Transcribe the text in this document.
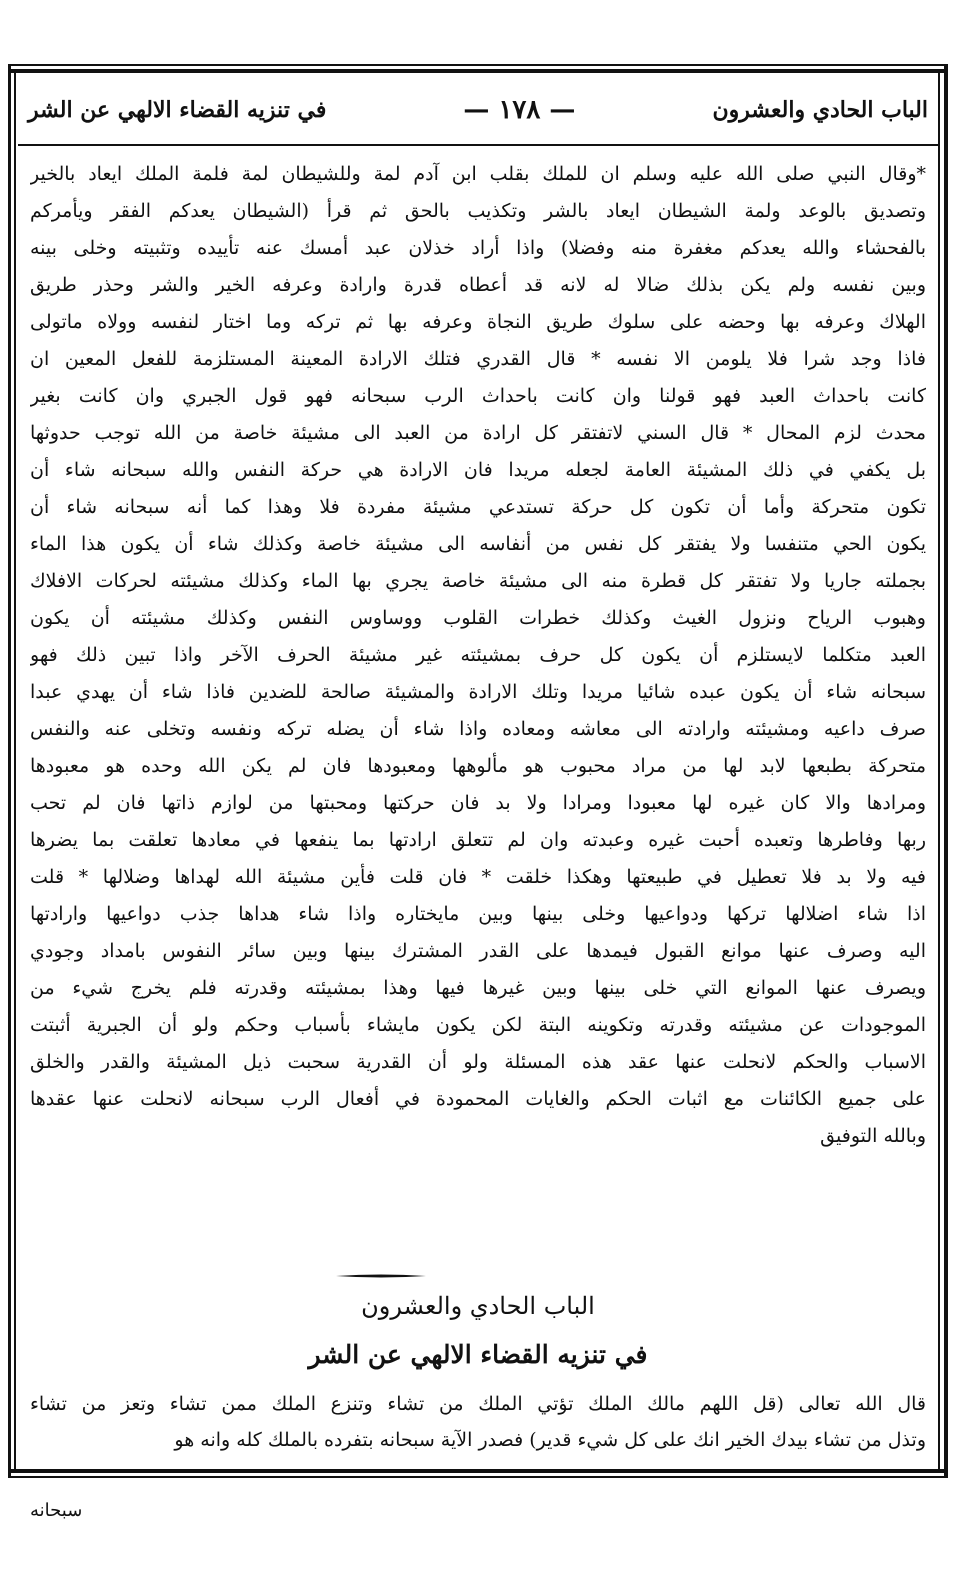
الباب الحادي والعشرون
— ١٧٨ —
في تنزيه القضاء الالهي عن الشر
*وقال النبي صلى الله عليه وسلم ان للملك بقلب ابن آدم لمة وللشيطان لمة فلمة الملك ايعاد بالخير
وتصديق بالوعد ولمة الشيطان ايعاد بالشر وتكذيب بالحق ثم قرأ (الشيطان يعدكم الفقر ويأمركم
بالفحشاء والله يعدكم مغفرة منه وفضلا) واذا أراد خذلان عبد أمسك عنه تأييده وتثبيته وخلى بينه
وبين نفسه ولم يكن بذلك ضالا له لانه قد أعطاه قدرة وارادة وعرفه الخير والشر وحذر طريق
الهلاك وعرفه بها وحضه على سلوك طريق النجاة وعرفه بها ثم تركه وما اختار لنفسه وولاه ماتولى
فاذا وجد شرا فلا يلومن الا نفسه * قال القدري فتلك الارادة المعينة المستلزمة للفعل المعين ان
كانت باحداث العبد فهو قولنا وان كانت باحداث الرب سبحانه فهو قول الجبري وان كانت بغير
محدث لزم المحال * قال السني لاتفتقر كل ارادة من العبد الى مشيئة خاصة من الله توجب حدوثها
بل يكفي في ذلك المشيئة العامة لجعله مريدا فان الارادة هي حركة النفس والله سبحانه شاء أن
تكون متحركة وأما أن تكون كل حركة تستدعي مشيئة مفردة فلا وهذا كما أنه سبحانه شاء أن
يكون الحي متنفسا ولا يفتقر كل نفس من أنفاسه الى مشيئة خاصة وكذلك شاء أن يكون هذا الماء
بجملته جاريا ولا تفتقر كل قطرة منه الى مشيئة خاصة يجري بها الماء وكذلك مشيئته لحركات الافلاك
وهبوب الرياح ونزول الغيث وكذلك خطرات القلوب ووساوس النفس وكذلك مشيئته أن يكون
العبد متكلما لايستلزم أن يكون كل حرف بمشيئته غير مشيئة الحرف الآخر واذا تبين ذلك فهو
سبحانه شاء أن يكون عبده شائيا مريدا وتلك الارادة والمشيئة صالحة للضدين فاذا شاء أن يهدي عبدا
صرف داعيه ومشيئته وارادته الى معاشه ومعاده واذا شاء أن يضله تركه ونفسه وتخلى عنه والنفس
متحركة بطبعها لابد لها من مراد محبوب هو مألوهها ومعبودها فان لم يكن الله وحده هو معبودها
ومرادها والا كان غيره لها معبودا ومرادا ولا بد فان حركتها ومحبتها من لوازم ذاتها فان لم تحب
ربها وفاطرها وتعبده أحبت غيره وعبدته وان لم تتعلق ارادتها بما ينفعها في معادها تعلقت بما يضرها
فيه ولا بد فلا تعطيل في طبيعتها وهكذا خلقت * فان قلت فأين مشيئة الله لهداها وضلالها * قلت
اذا شاء اضلالها تركها ودواعيها وخلى بينها وبين مايختاره واذا شاء هداها جذب دواعيها وارادتها
اليه وصرف عنها موانع القبول فيمدها على القدر المشترك بينها وبين سائر النفوس بامداد وجودي
ويصرف عنها الموانع التي خلى بينها وبين غيرها فيها وهذا بمشيئته وقدرته فلم يخرج شيء من
الموجودات عن مشيئته وقدرته وتكوينه البتة لكن يكون مايشاء بأسباب وحكم ولو أن الجبرية أثبتت
الاسباب والحكم لانحلت عنها عقد هذه المسئلة ولو أن القدرية سحبت ذيل المشيئة والقدر والخلق
على جميع الكائنات مع اثبات الحكم والغايات المحمودة في أفعال الرب سبحانه لانحلت عنها عقدها
وبالله التوفيق
الباب الحادي والعشرون
في تنزيه القضاء الالهي عن الشر
قال الله تعالى (قل اللهم مالك الملك تؤتي الملك من تشاء وتنزع الملك ممن تشاء وتعز من تشاء
وتذل من تشاء بيدك الخير انك على كل شيء قدير) فصدر الآية سبحانه بتفرده بالملك كله وانه هو
سبحانه
